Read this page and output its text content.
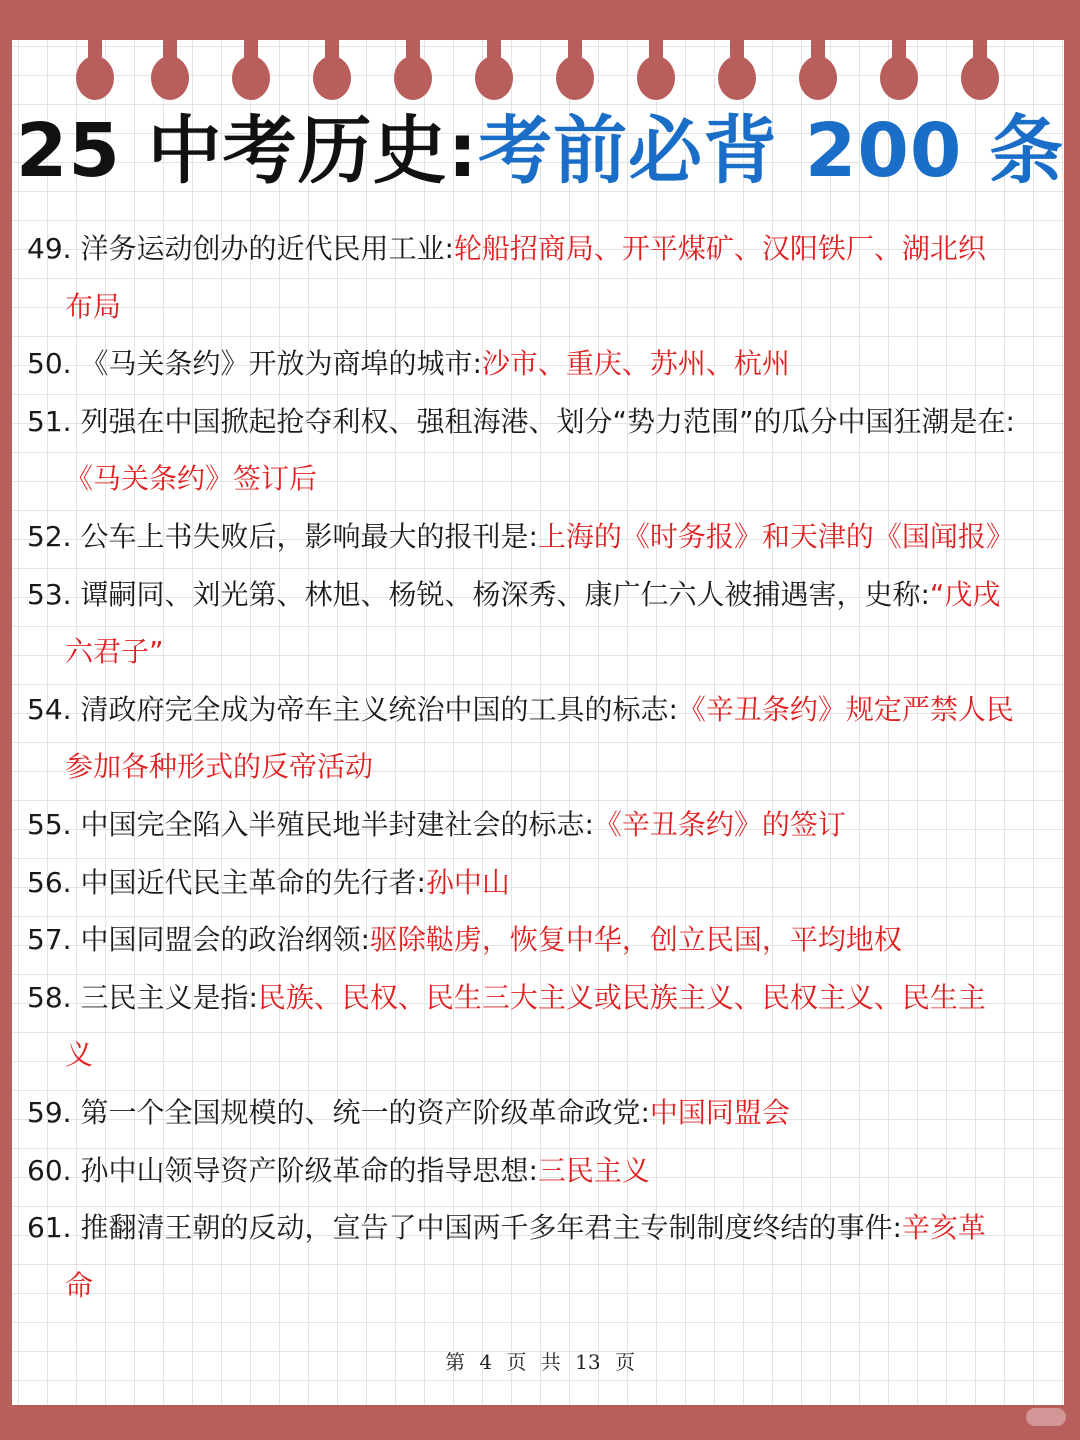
25 中考历史:考前必背 200 条
49. 洋务运动创办的近代民用工业:轮船招商局、开平煤矿、汉阳铁厂、湖北织
布局
50. 《马关条约》开放为商埠的城市:沙市、重庆、苏州、杭州
51. 列强在中国掀起抢夺利权、强租海港、划分“势力范围”的瓜分中国狂潮是在:
《马关条约》签订后
52. 公车上书失败后，影响最大的报刊是:上海的《时务报》和天津的《国闻报》
53. 谭嗣同、刘光第、林旭、杨锐、杨深秀、康广仁六人被捕遇害，史称:“戊戌
六君子”
54. 清政府完全成为帝车主义统治中国的工具的标志:《辛丑条约》规定严禁人民
参加各种形式的反帝活动
55. 中国完全陷入半殖民地半封建社会的标志:《辛丑条约》的签订
56. 中国近代民主革命的先行者:孙中山
57. 中国同盟会的政治纲领:驱除鞑虏，恢复中华，创立民国，平均地权
58. 三民主义是指:民族、民权、民生三大主义或民族主义、民权主义、民生主
义
59. 第一个全国规模的、统一的资产阶级革命政党:中国同盟会
60. 孙中山领导资产阶级革命的指导思想:三民主义
61. 推翻清王朝的反动，宣告了中国两千多年君主专制制度终结的事件:辛亥革
命
第 4 页 共 13 页
